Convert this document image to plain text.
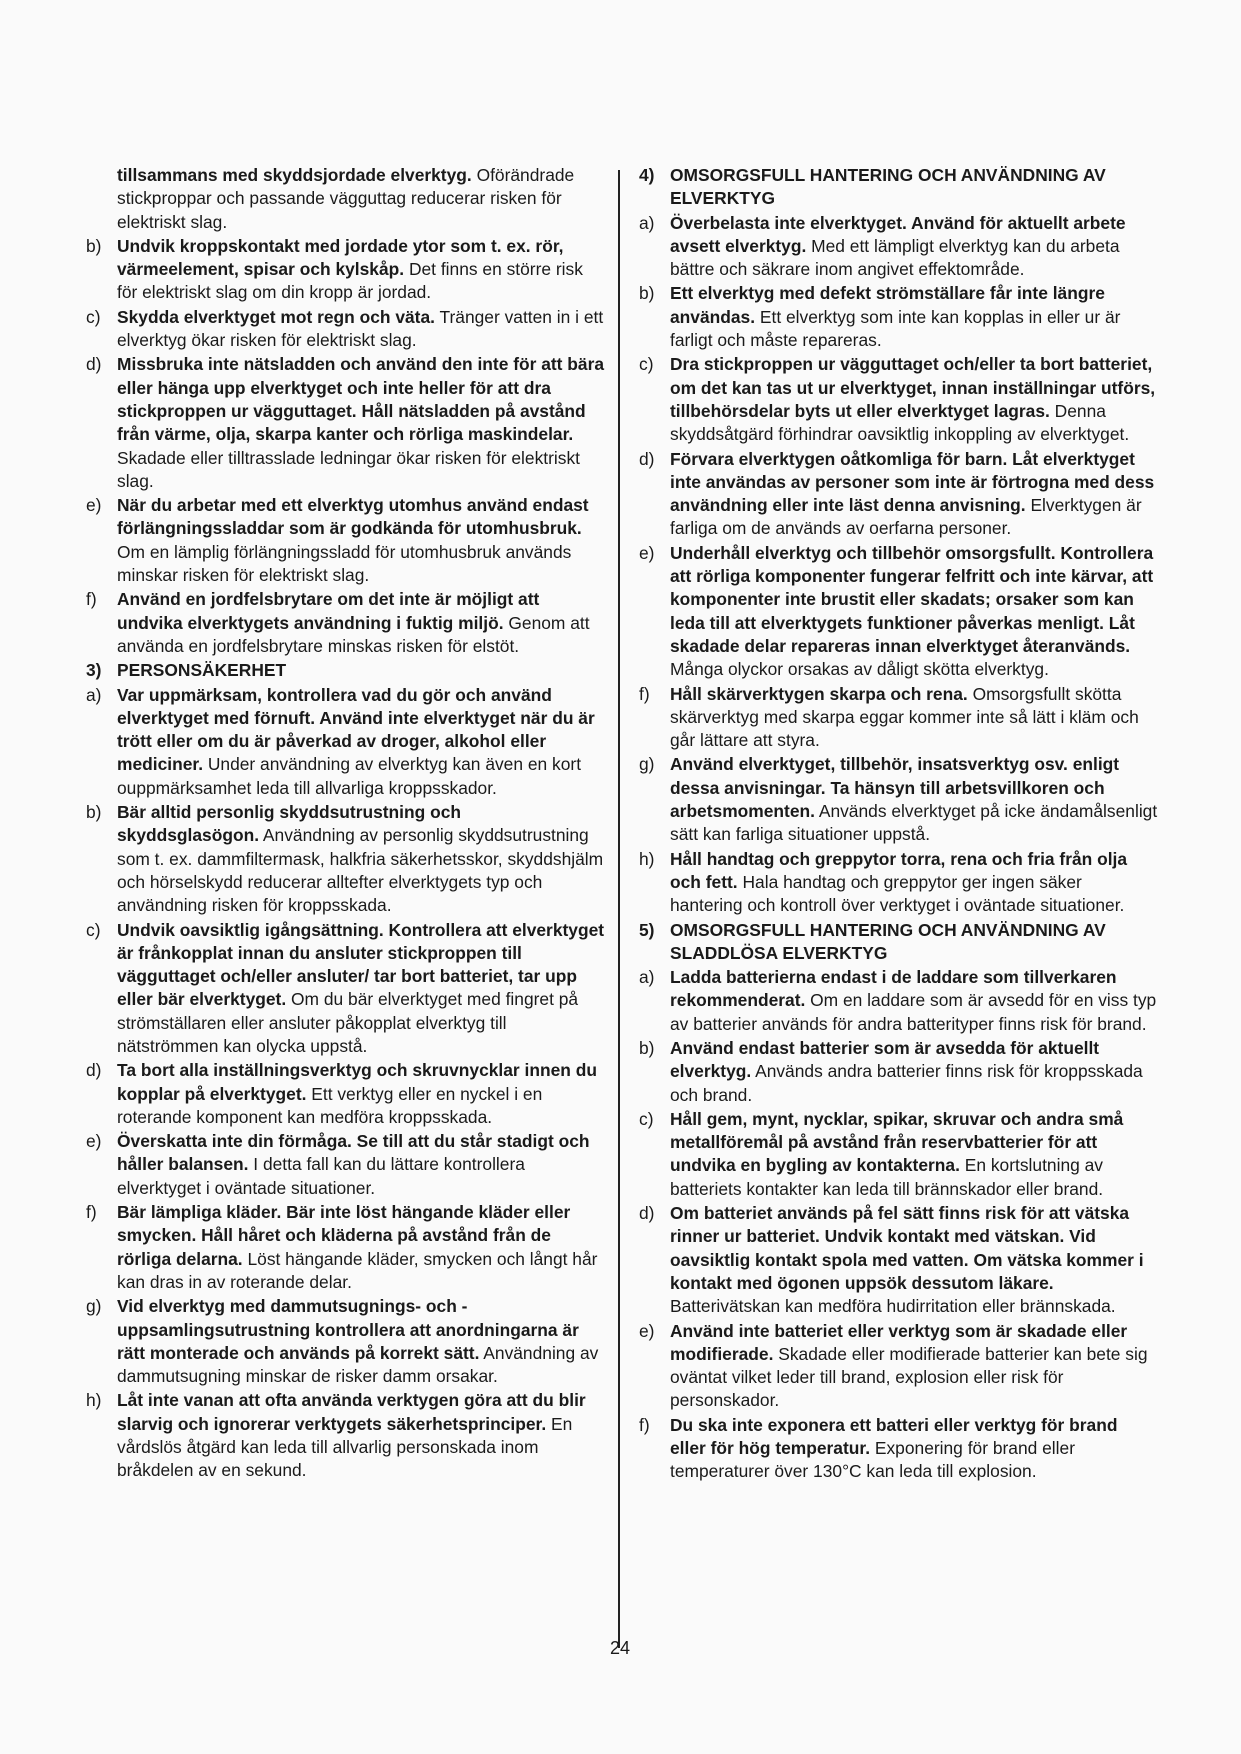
tillsammans med skyddsjordade elverktyg. Oförändrade stickproppar och passande vägguttag reducerar risken för elektriskt slag.
b) Undvik kroppskontakt med jordade ytor som t. ex. rör, värmeelement, spisar och kylskåp. Det finns en större risk för elektriskt slag om din kropp är jordad.
c) Skydda elverktyget mot regn och väta. Tränger vatten in i ett elverktyg ökar risken för elektriskt slag.
d) Missbruka inte nätsladden och använd den inte för att bära eller hänga upp elverktyget och inte heller för att dra stickproppen ur vägguttaget. Håll nätsladden på avstånd från värme, olja, skarpa kanter och rörliga maskindelar. Skadade eller tilltrasslade ledningar ökar risken för elektriskt slag.
e) När du arbetar med ett elverktyg utomhus använd endast förlängningssladdar som är godkända för utomhusbruk. Om en lämplig förlängningssladd för utomhusbruk används minskar risken för elektriskt slag.
f) Använd en jordfelsbrytare om det inte är möjligt att undvika elverktygets användning i fuktig miljö. Genom att använda en jordfelsbrytare minskas risken för elstöt.
3) PERSONSÄKERHET
a) Var uppmärksam, kontrollera vad du gör och använd elverktyget med förnuft. Använd inte elverktyget när du är trött eller om du är påverkad av droger, alkohol eller mediciner. Under användning av elverktyg kan även en kort ouppmärksamhet leda till allvarliga kroppsskador.
b) Bär alltid personlig skyddsutrustning och skyddsglasögon. Användning av personlig skyddsutrustning som t. ex. dammfiltermask, halkfria säkerhetsskor, skyddshjälm och hörselskydd reducerar alltefter elverktygets typ och användning risken för kroppsskada.
c) Undvik oavsiktlig igångsättning. Kontrollera att elverktyget är frånkopplat innan du ansluter stickproppen till vägguttaget och/eller ansluter/ tar bort batteriet, tar upp eller bär elverktyget. Om du bär elverktyget med fingret på strömställaren eller ansluter påkopplat elverktyg till nätströmmen kan olycka uppstå.
d) Ta bort alla inställningsverktyg och skruvnycklar innen du kopplar på elverktyget. Ett verktyg eller en nyckel i en roterande komponent kan medföra kroppsskada.
e) Överskatta inte din förmåga. Se till att du står stadigt och håller balansen. I detta fall kan du lättare kontrollera elverktyget i oväntade situationer.
f) Bär lämpliga kläder. Bär inte löst hängande kläder eller smycken. Håll håret och kläderna på avstånd från de rörliga delarna. Löst hängande kläder, smycken och långt hår kan dras in av roterande delar.
g) Vid elverktyg med dammutsugnings- och -uppsamlingsutrustning kontrollera att anordningarna är rätt monterade och används på korrekt sätt. Användning av dammutsugning minskar de risker damm orsakar.
h) Låt inte vanan att ofta använda verktygen göra att du blir slarvig och ignorerar verktygets säkerhetsprinciper. En vårdslös åtgärd kan leda till allvarlig personskada inom bråkdelen av en sekund.
4) OMSORGSFULL HANTERING OCH ANVÄNDNING AV ELVERKTYG
a) Överbelasta inte elverktyget. Använd för aktuellt arbete avsett elverktyg. Med ett lämpligt elverktyg kan du arbeta bättre och säkrare inom angivet effektområde.
b) Ett elverktyg med defekt strömställare får inte längre användas. Ett elverktyg som inte kan kopplas in eller ur är farligt och måste repareras.
c) Dra stickproppen ur vägguttaget och/eller ta bort batteriet, om det kan tas ut ur elverktyget, innan inställningar utförs, tillbehörsdelar byts ut eller elverktyget lagras. Denna skyddsåtgärd förhindrar oavsiktlig inkoppling av elverktyget.
d) Förvara elverktygen oåtkomliga för barn. Låt elverktyget inte användas av personer som inte är förtrogna med dess användning eller inte läst denna anvisning. Elverktygen är farliga om de används av oerfarna personer.
e) Underhåll elverktyg och tillbehör omsorgsfullt. Kontrollera att rörliga komponenter fungerar felfritt och inte kärvar, att komponenter inte brustit eller skadats; orsaker som kan leda till att elverktygets funktioner påverkas menligt. Låt skadade delar repareras innan elverktyget återanvänds. Många olyckor orsakas av dåligt skötta elverktyg.
f) Håll skärverktygen skarpa och rena. Omsorgsfullt skötta skärverktyg med skarpa eggar kommer inte så lätt i kläm och går lättare att styra.
g) Använd elverktyget, tillbehör, insatsverktyg osv. enligt dessa anvisningar. Ta hänsyn till arbetsvillkoren och arbetsmomenten. Används elverktyget på icke ändamålsenligt sätt kan farliga situationer uppstå.
h) Håll handtag och greppytor torra, rena och fria från olja och fett. Hala handtag och greppytor ger ingen säker hantering och kontroll över verktyget i oväntade situationer.
5) OMSORGSFULL HANTERING OCH ANVÄNDNING AV SLADDLÖSA ELVERKTYG
a) Ladda batterierna endast i de laddare som tillverkaren rekommenderat. Om en laddare som är avsedd för en viss typ av batterier används för andra batterityper finns risk för brand.
b) Använd endast batterier som är avsedda för aktuellt elverktyg. Används andra batterier finns risk för kroppsskada och brand.
c) Håll gem, mynt, nycklar, spikar, skruvar och andra små metallföremål på avstånd från reservbatterier för att undvika en bygling av kontakterna. En kortslutning av batteriets kontakter kan leda till brännskador eller brand.
d) Om batteriet används på fel sätt finns risk för att vätska rinner ur batteriet. Undvik kontakt med vätskan. Vid oavsiktlig kontakt spola med vatten. Om vätska kommer i kontakt med ögonen uppsök dessutom läkare. Batterivätskan kan medföra hudirritation eller brännskada.
e) Använd inte batteriet eller verktyg som är skadade eller modifierade. Skadade eller modifierade batterier kan bete sig oväntat vilket leder till brand, explosion eller risk för personskador.
f) Du ska inte exponera ett batteri eller verktyg för brand eller för hög temperatur. Exponering för brand eller temperaturer över 130°C kan leda till explosion.
24
